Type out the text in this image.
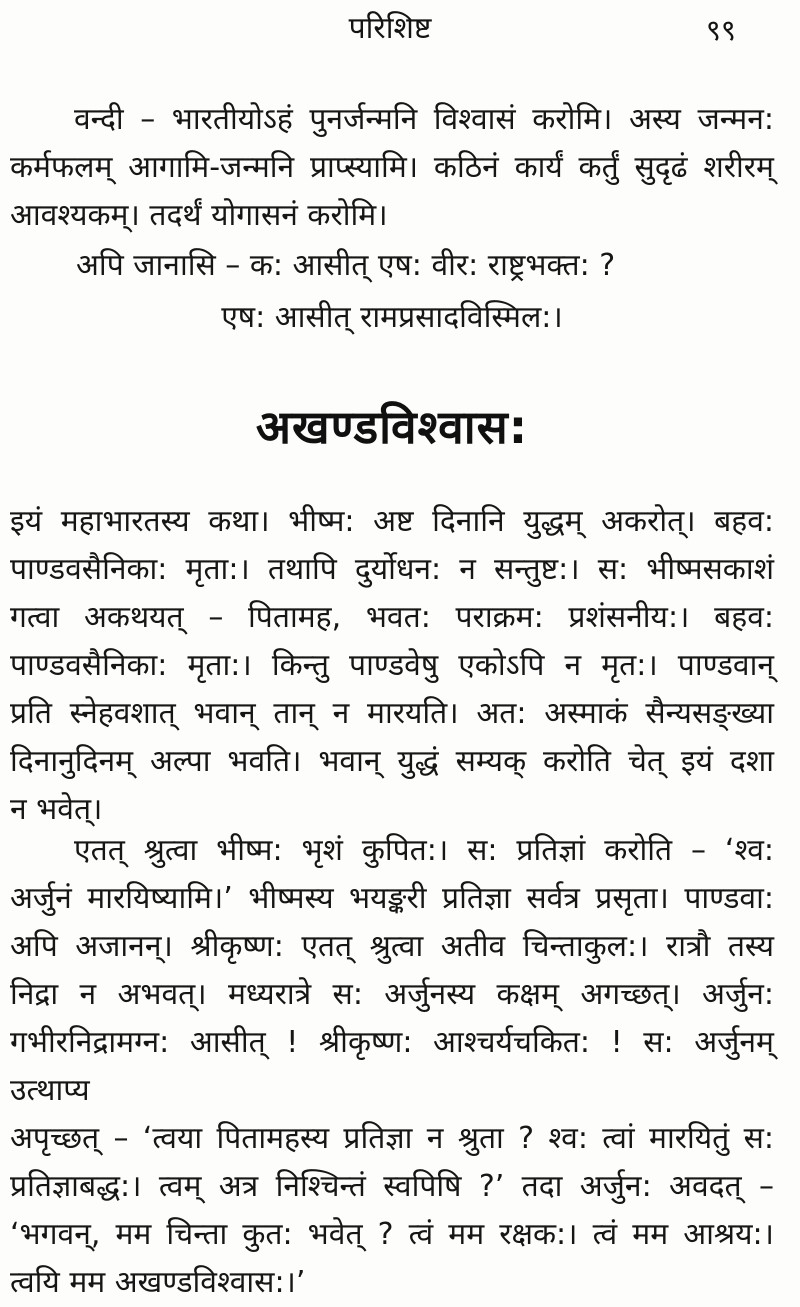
परिशिष्ट	९९
वन्दी – भारतीयोऽहं पुनर्जन्मनि विश्वासं करोमि। अस्य जन्मन:
कर्मफलम् आगामि-जन्मनि प्राप्स्यामि। कठिनं कार्यं कर्तुं सुदृढं शरीरम्
आवश्यकम्। तदर्थं योगासनं करोमि।
अपि जानासि – क: आसीत् एष: वीर: राष्ट्रभक्त: ?
एष: आसीत् रामप्रसादविस्मिल:।
अखण्डविश्वास:
इयं महाभारतस्य कथा। भीष्म: अष्ट दिनानि युद्धम् अकरोत्। बहव:
पाण्डवसैनिका: मृता:। तथापि दुर्योधन: न सन्तुष्ट:। स: भीष्मसकाशं
गत्वा अकथयत् – पितामह, भवत: पराक्रम: प्रशंसनीय:। बहव:
पाण्डवसैनिका: मृता:। किन्तु पाण्डवेषु एकोऽपि न मृत:। पाण्डवान्
प्रति स्नेहवशात् भवान् तान् न मारयति। अत: अस्माकं सैन्यसङ्ख्या
दिनानुदिनम् अल्पा भवति। भवान् युद्धं सम्यक् करोति चेत् इयं दशा
न भवेत्।
एतत् श्रुत्वा भीष्म: भृशं कुपित:। स: प्रतिज्ञां करोति – ‘श्व:
अर्जुनं मारयिष्यामि।’ भीष्मस्य भयङ्करी प्रतिज्ञा सर्वत्र प्रसृता। पाण्डवा:
अपि अजानन्। श्रीकृष्ण: एतत् श्रुत्वा अतीव चिन्ताकुल:। रात्रौ तस्य
निद्रा न अभवत्। मध्यरात्रे स: अर्जुनस्य कक्षम् अगच्छत्। अर्जुन:
गभीरनिद्रामग्न: आसीत् ! श्रीकृष्ण: आश्चर्यचकित: ! स: अर्जुनम् उत्थाप्य
अपृच्छत् – ‘त्वया पितामहस्य प्रतिज्ञा न श्रुता ? श्व: त्वां मारयितुं स:
प्रतिज्ञाबद्ध:। त्वम् अत्र निश्चिन्तं स्वपिषि ?’ तदा अर्जुन: अवदत् –
‘भगवन्, मम चिन्ता कुत: भवेत् ? त्वं मम रक्षक:। त्वं मम आश्रय:।
त्वयि मम अखण्डविश्वास:।’
